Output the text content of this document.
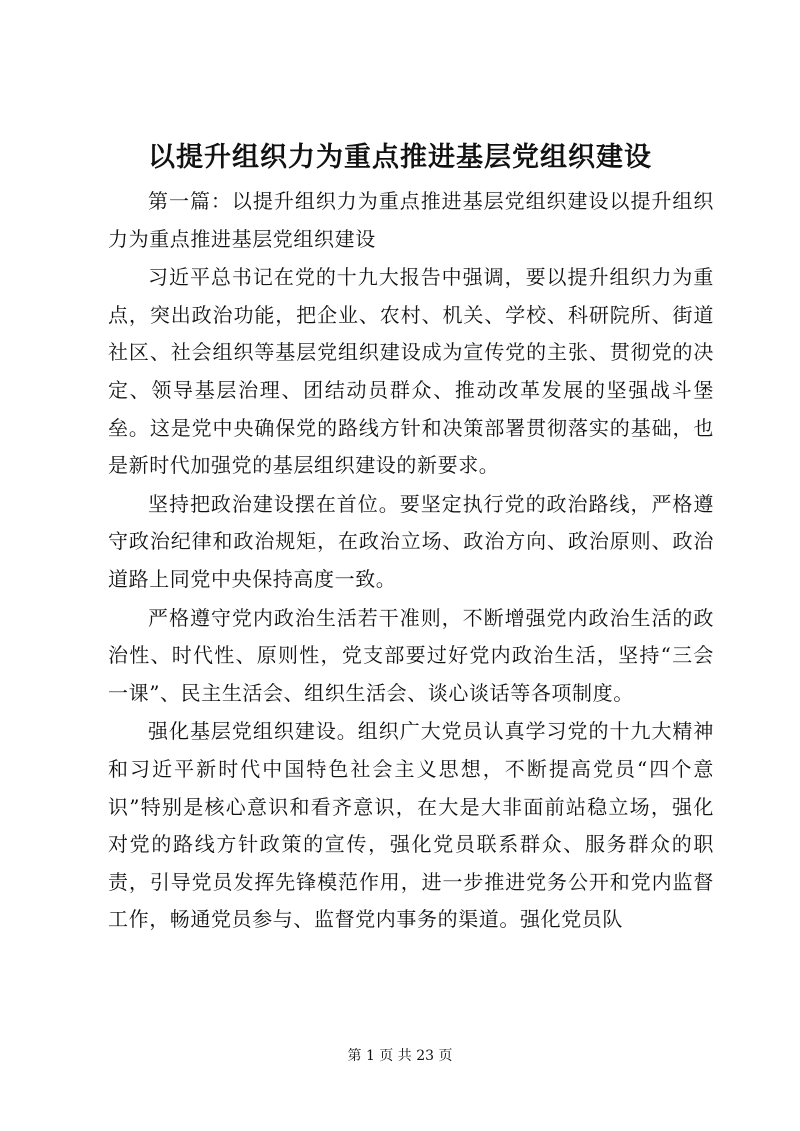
以提升组织力为重点推进基层党组织建设

第一篇：以提升组织力为重点推进基层党组织建设以提升组织力为重点推进基层党组织建设

习近平总书记在党的十九大报告中强调，要以提升组织力为重点，突出政治功能，把企业、农村、机关、学校、科研院所、街道社区、社会组织等基层党组织建设成为宣传党的主张、贯彻党的决定、领导基层治理、团结动员群众、推动改革发展的坚强战斗堡垒。这是党中央确保党的路线方针和决策部署贯彻落实的基础，也是新时代加强党的基层组织建设的新要求。

坚持把政治建设摆在首位。要坚定执行党的政治路线，严格遵守政治纪律和政治规矩，在政治立场、政治方向、政治原则、政治道路上同党中央保持高度一致。

严格遵守党内政治生活若干准则，不断增强党内政治生活的政治性、时代性、原则性，党支部要过好党内政治生活，坚持“三会一课”、民主生活会、组织生活会、谈心谈话等各项制度。

强化基层党组织建设。组织广大党员认真学习党的十九大精神和习近平新时代中国特色社会主义思想，不断提高党员“四个意识”特别是核心意识和看齐意识，在大是大非面前站稳立场，强化对党的路线方针政策的宣传，强化党员联系群众、服务群众的职责，引导党员发挥先锋模范作用，进一步推进党务公开和党内监督工作，畅通党员参与、监督党内事务的渠道。强化党员队

第 1 页 共 23 页
